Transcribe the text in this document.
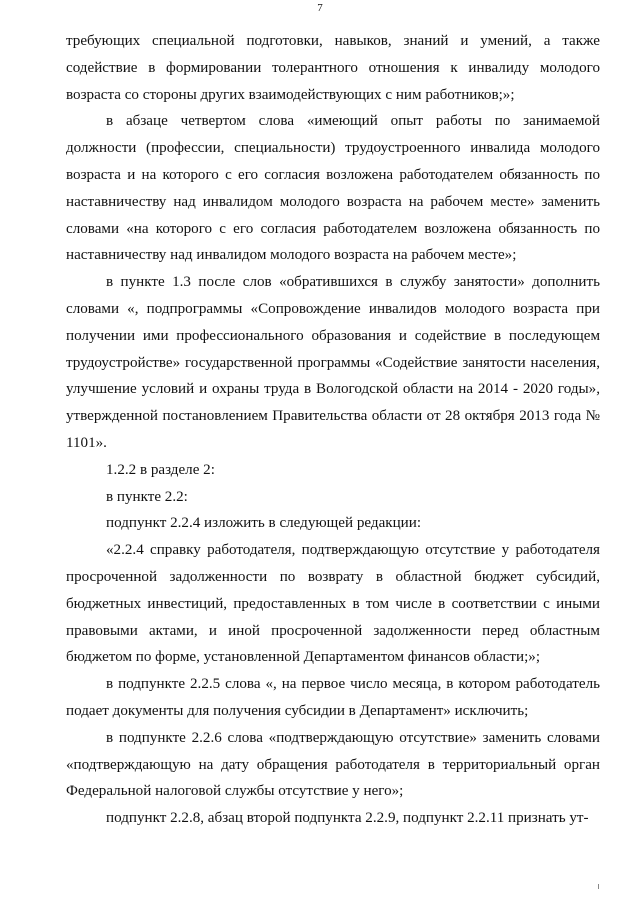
7

требующих специальной подготовки, навыков, знаний и умений, а также содействие в формировании толерантного отношения к инвалиду молодого возраста со стороны других взаимодействующих с ним работников;»;

в абзаце четвертом слова «имеющий опыт работы по занимаемой должности (профессии, специальности) трудоустроенного инвалида молодого возраста и на которого с его согласия возложена работодателем обязанность по наставничеству над инвалидом молодого возраста на рабочем месте» заменить словами «на которого с его согласия работодателем возложена обязанность по наставничеству над инвалидом молодого возраста на рабочем месте»;

в пункте 1.3 после слов «обратившихся в службу занятости» дополнить словами «, подпрограммы «Сопровождение инвалидов молодого возраста при получении ими профессионального образования и содействие в последующем трудоустройстве» государственной программы «Содействие занятости населения, улучшение условий и охраны труда в Вологодской области на 2014 - 2020 годы», утвержденной постановлением Правительства области от 28 октября 2013 года № 1101».

1.2.2 в разделе 2:

в пункте 2.2:

подпункт 2.2.4 изложить в следующей редакции:

«2.2.4 справку работодателя, подтверждающую отсутствие у работодателя просроченной задолженности по возврату в областной бюджет субсидий, бюджетных инвестиций, предоставленных в том числе в соответствии с иными правовыми актами, и иной просроченной задолженности перед областным бюджетом по форме, установленной Департаментом финансов области;»;

в подпункте 2.2.5 слова «, на первое число месяца, в котором работодатель подает документы для получения субсидии в Департамент» исключить;

в подпункте 2.2.6 слова «подтверждающую отсутствие» заменить словами «подтверждающую на дату обращения работодателя в территориальный орган Федеральной налоговой службы отсутствие у него»;

подпункт 2.2.8, абзац второй подпункта 2.2.9, подпункт 2.2.11 признать ут-
